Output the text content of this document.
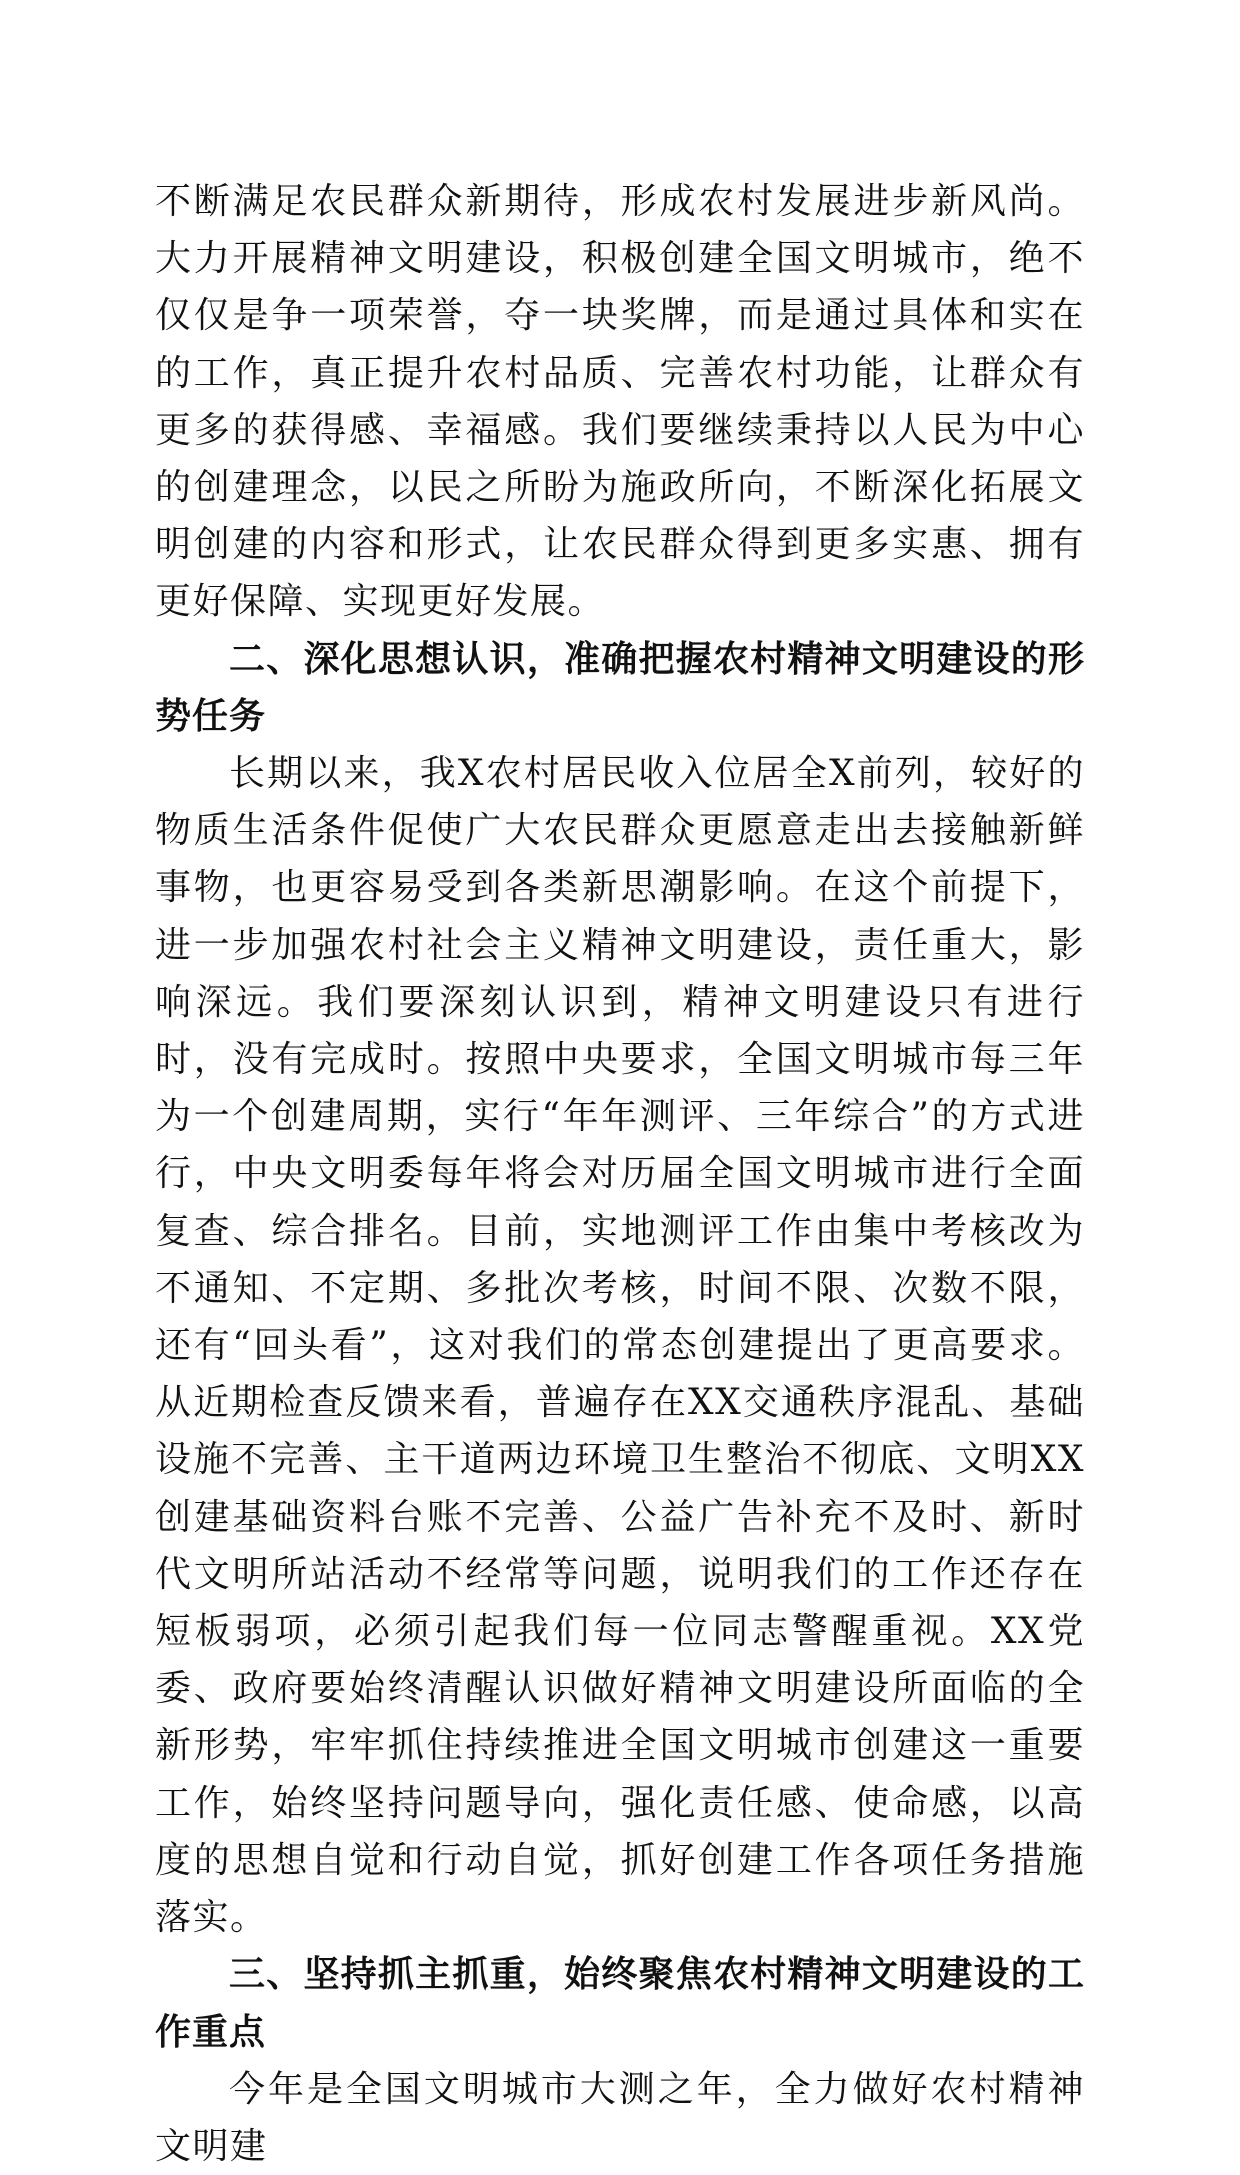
不断满足农民群众新期待，形成农村发展进步新风尚。大力开展精神文明建设，积极创建全国文明城市，绝不仅仅是争一项荣誉，夺一块奖牌，而是通过具体和实在的工作，真正提升农村品质、完善农村功能，让群众有更多的获得感、幸福感。我们要继续秉持以人民为中心的创建理念，以民之所盼为施政所向，不断深化拓展文明创建的内容和形式，让农民群众得到更多实惠、拥有更好保障、实现更好发展。

二、深化思想认识，准确把握农村精神文明建设的形势任务

长期以来，我X农村居民收入位居全X前列，较好的物质生活条件促使广大农民群众更愿意走出去接触新鲜事物，也更容易受到各类新思潮影响。在这个前提下，进一步加强农村社会主义精神文明建设，责任重大，影响深远。我们要深刻认识到，精神文明建设只有进行时，没有完成时。按照中央要求，全国文明城市每三年为一个创建周期，实行“年年测评、三年综合”的方式进行，中央文明委每年将会对历届全国文明城市进行全面复查、综合排名。目前，实地测评工作由集中考核改为不通知、不定期、多批次考核，时间不限、次数不限，还有“回头看”，这对我们的常态创建提出了更高要求。从近期检查反馈来看，普遍存在XX交通秩序混乱、基础设施不完善、主干道两边环境卫生整治不彻底、文明XX创建基础资料台账不完善、公益广告补充不及时、新时代文明所站活动不经常等问题，说明我们的工作还存在短板弱项，必须引起我们每一位同志警醒重视。XX党委、政府要始终清醒认识做好精神文明建设所面临的全新形势，牢牢抓住持续推进全国文明城市创建这一重要工作，始终坚持问题导向，强化责任感、使命感，以高度的思想自觉和行动自觉，抓好创建工作各项任务措施落实。

三、坚持抓主抓重，始终聚焦农村精神文明建设的工作重点

今年是全国文明城市大测之年，全力做好农村精神文明建
